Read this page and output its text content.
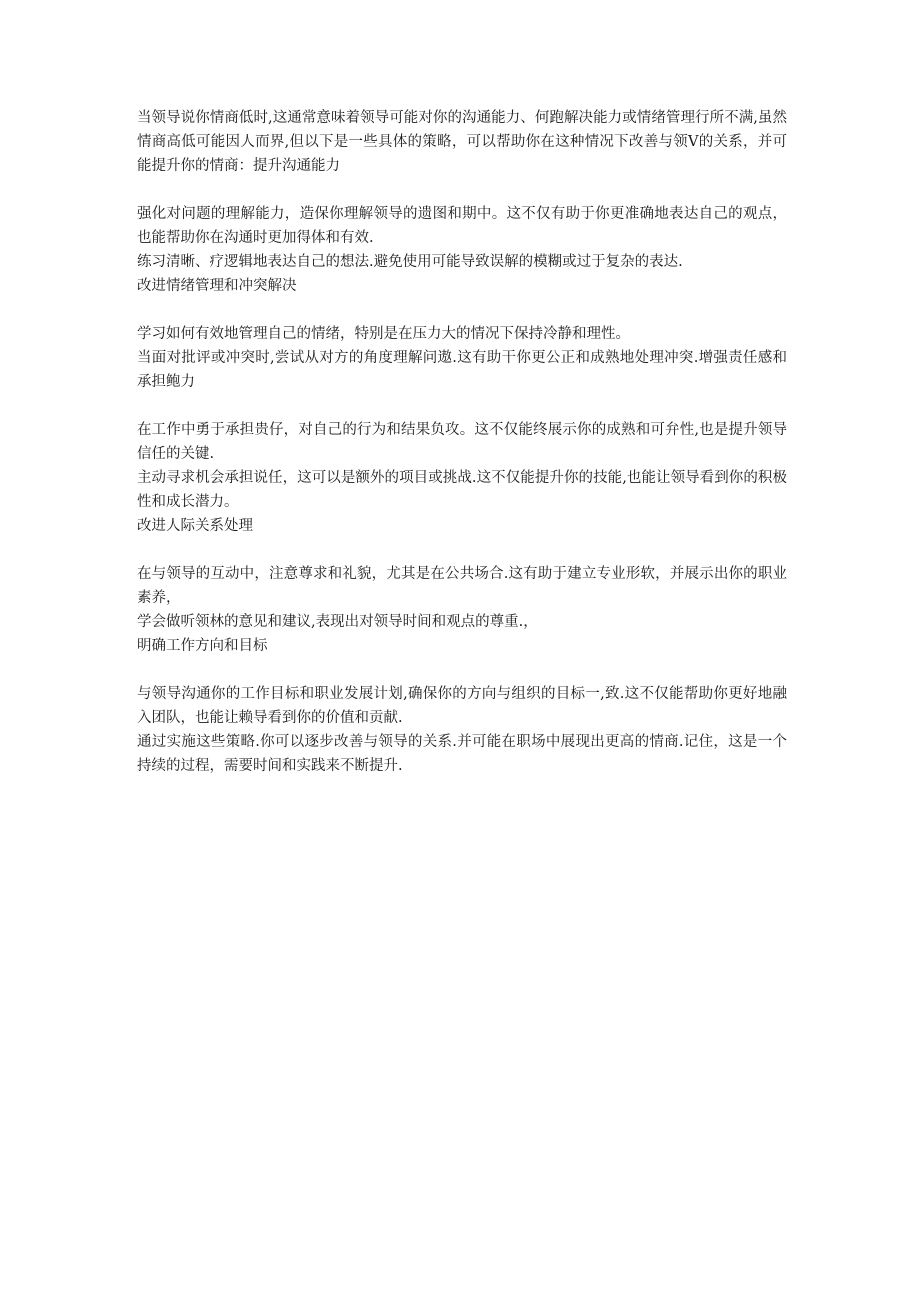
当领导说你情商低时,这通常意味着领导可能对你的沟通能力、何跑解决能力或情绪管理行所不满,虽然情商高低可能因人而界,但以下是一些具体的策略，可以帮助你在这种情况下改善与领V的关系，并可能提升你的情商：提升沟通能力

强化对问题的理解能力，造保你理解领导的遗图和期中。这不仅有助于你更准确地表达自己的观点，也能帮助你在沟通时更加得体和有效.

练习清晰、疗逻辑地表达自己的想法.避免使用可能导致误解的模糊或过于复杂的表达.

改进情绪管理和冲突解决

学习如何有效地管理自己的情绪，特别是在压力大的情况下保持冷静和理性。

当面对批评或冲突时,尝试从对方的角度理解问遨.这有助干你更公正和成熟地处理冲突.增强责任感和承担鲍力

在工作中勇于承担贵仔，对自己的行为和结果负攻。这不仅能终展示你的成熟和可弁性,也是提升领导信任的关键.

主动寻求机会承担说任，这可以是额外的项目或挑战.这不仅能提升你的技能,也能让领导看到你的积极性和成长潜力。

改进人际关系处理

在与领导的互动中，注意尊求和礼貌，尤其是在公共场合.这有助于建立专业形软，并展示出你的职业素养，

学会做听领林的意见和建议,表现出对领导时间和观点的尊重.，

明确工作方向和目标

与领导沟通你的工作目标和职业发展计划,确保你的方向与组织的目标一,致.这不仅能帮助你更好地融入团队，也能让赖导看到你的价值和贡献.

通过实施这些策略.你可以逐步改善与领导的关系.并可能在职场中展现出更高的情商.记住，这是一个持续的过程，需要时间和实践来不断提升.
